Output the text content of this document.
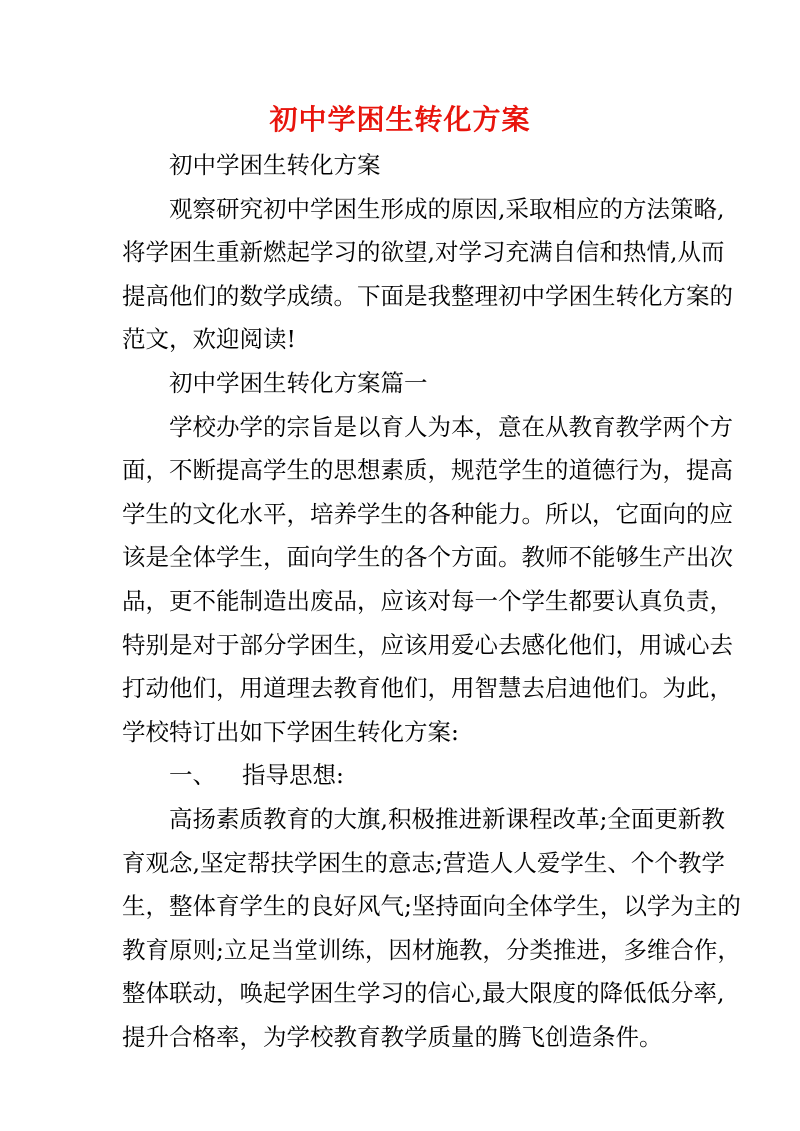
初中学困生转化方案

初中学困生转化方案

观察研究初中学困生形成的原因,采取相应的方法策略,
将学困生重新燃起学习的欲望,对学习充满自信和热情,从而
提高他们的数学成绩。下面是我整理初中学困生转化方案的
范文，欢迎阅读!

初中学困生转化方案篇一

学校办学的宗旨是以育人为本，意在从教育教学两个方
面，不断提高学生的思想素质，规范学生的道德行为，提高
学生的文化水平，培养学生的各种能力。所以，它面向的应
该是全体学生，面向学生的各个方面。教师不能够生产出次
品，更不能制造出废品，应该对每一个学生都要认真负责，
特别是对于部分学困生，应该用爱心去感化他们，用诚心去
打动他们，用道理去教育他们，用智慧去启迪他们。为此，
学校特订出如下学困生转化方案:

一、 指导思想:

高扬素质教育的大旗,积极推进新课程改革;全面更新教
育观念,坚定帮扶学困生的意志;营造人人爱学生、个个教学
生，整体育学生的良好风气;坚持面向全体学生，以学为主的
教育原则;立足当堂训练，因材施教，分类推进，多维合作，
整体联动，唤起学困生学习的信心,最大限度的降低低分率,
提升合格率，为学校教育教学质量的腾飞创造条件。
